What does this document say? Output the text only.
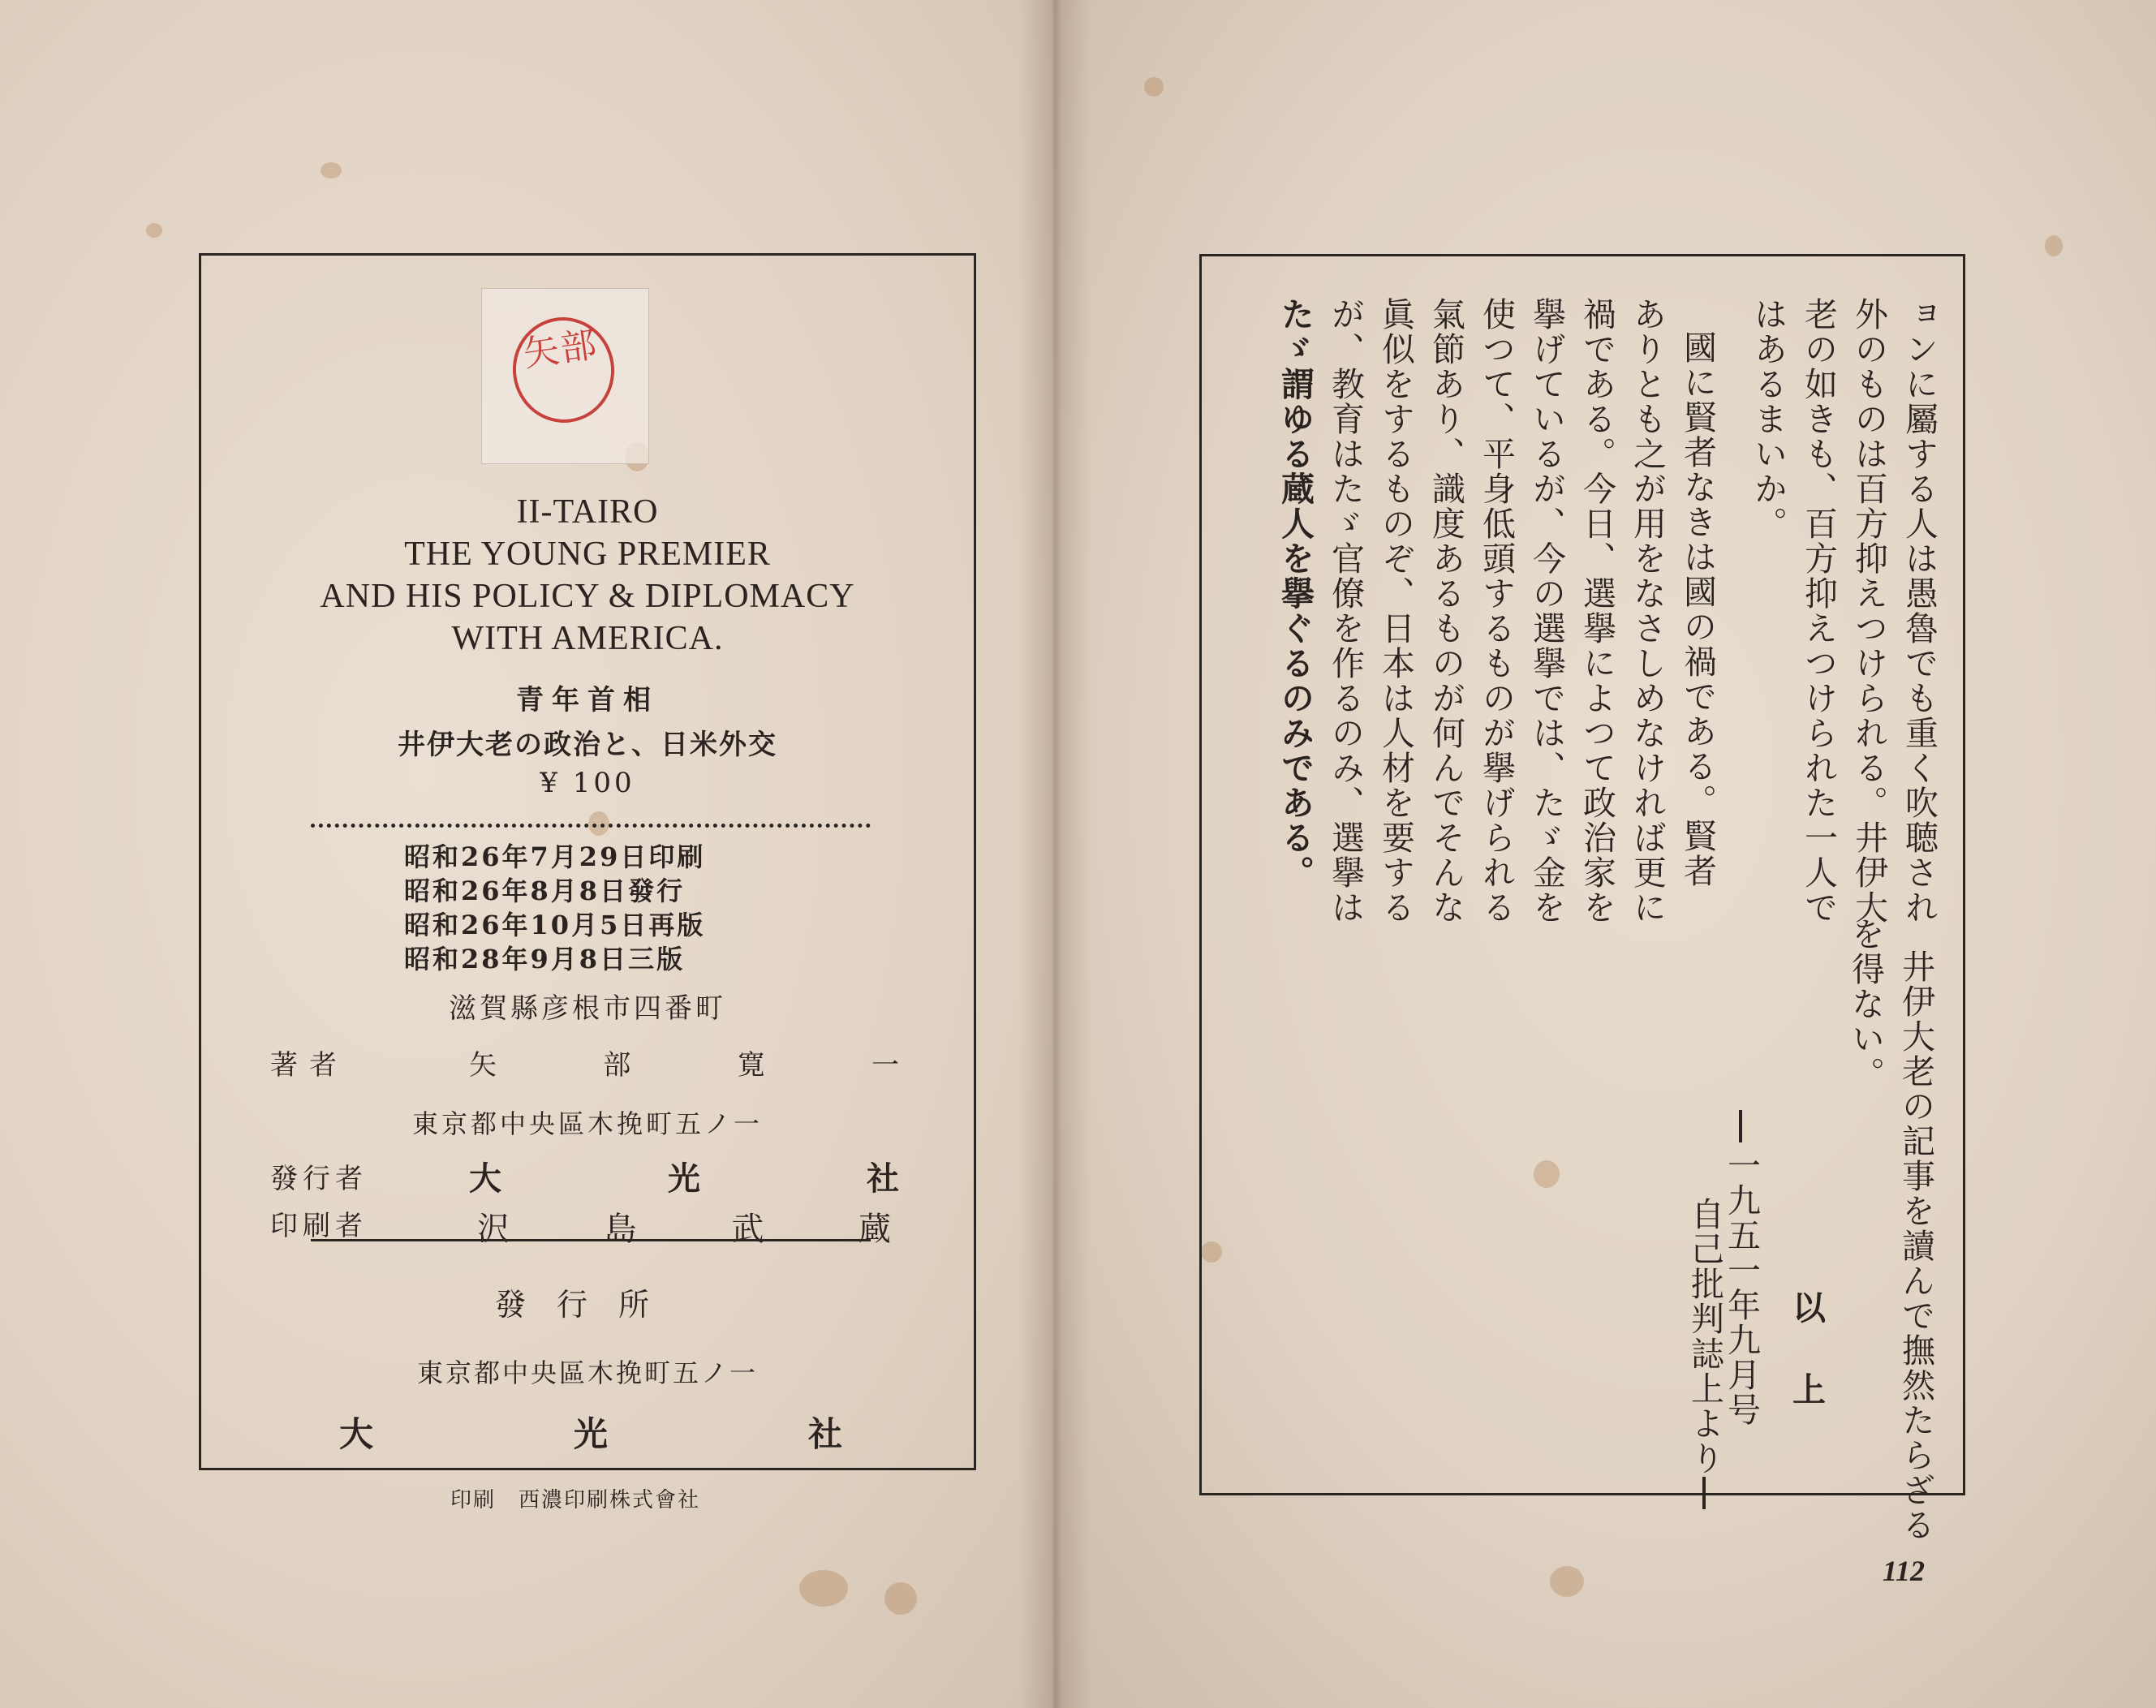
矢部
II-TAIRO
THE YOUNG PREMIER
AND HIS POLICY & DIPLOMACY
WITH AMERICA.
青年首相
井伊大老の政治と、日米外交
¥ 100
昭和26年7月29日印刷
昭和26年8月8日發行
昭和26年10月5日再版
昭和28年9月8日三版
滋賀縣彦根市四番町
著者	矢	部	寛	一
東京都中央區木挽町五ノ一
發行者	大	光	社
印刷者	沢	島	武	蔵
發行所
東京都中央區木挽町五ノ一
大	光	社
印刷　西濃印刷株式會社
ョンに屬する人は愚魯でも重く吹聴され
外のものは百方抑えつけられる。井伊大
老の如きも、百方抑えつけられた一人で
はあるまいか。
國に賢者なきは國の禍である。賢者
ありとも之が用をなさしめなければ更に
禍である。今日、選擧によつて政治家を
擧げているが、今の選擧では、たゞ金を
使つて、平身低頭するものが擧げられる
氣節あり、識度あるものが何んでそんな
眞似をするものぞ、日本は人材を要する
が、教育はたゞ官僚を作るのみ、選擧は
たゞ謂ゆる蔵人を擧ぐるのみである。
井伊大老の記事を讀んで撫然たらざる
を得ない。
以上
一九五一年九月号
自己批判誌上より
112
